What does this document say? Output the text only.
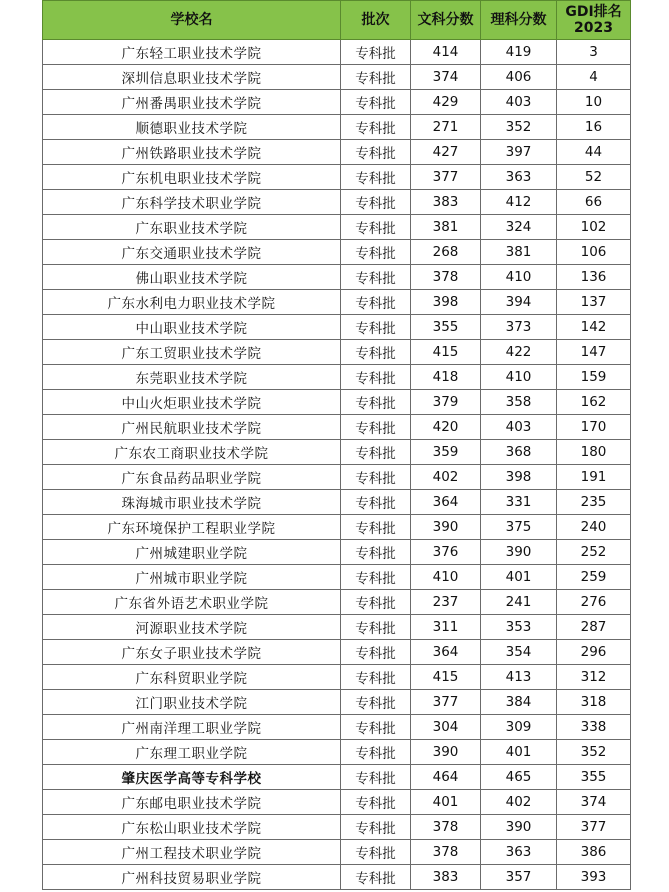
学校名	批次	文科分数	理科分数	GDI排名
2023

广东轻工职业技术学院	专科批	414	419	3
深圳信息职业技术学院	专科批	374	406	4
广州番禺职业技术学院	专科批	429	403	10
顺德职业技术学院	专科批	271	352	16
广州铁路职业技术学院	专科批	427	397	44
广东机电职业技术学院	专科批	377	363	52
广东科学技术职业学院	专科批	383	412	66
广东职业技术学院	专科批	381	324	102
广东交通职业技术学院	专科批	268	381	106
佛山职业技术学院	专科批	378	410	136
广东水利电力职业技术学院	专科批	398	394	137
中山职业技术学院	专科批	355	373	142
广东工贸职业技术学院	专科批	415	422	147
东莞职业技术学院	专科批	418	410	159
中山火炬职业技术学院	专科批	379	358	162
广州民航职业技术学院	专科批	420	403	170
广东农工商职业技术学院	专科批	359	368	180
广东食品药品职业学院	专科批	402	398	191
珠海城市职业技术学院	专科批	364	331	235
广东环境保护工程职业学院	专科批	390	375	240
广州城建职业学院	专科批	376	390	252
广州城市职业学院	专科批	410	401	259
广东省外语艺术职业学院	专科批	237	241	276
河源职业技术学院	专科批	311	353	287
广东女子职业技术学院	专科批	364	354	296
广东科贸职业学院	专科批	415	413	312
江门职业技术学院	专科批	377	384	318
广州南洋理工职业学院	专科批	304	309	338
广东理工职业学院	专科批	390	401	352
肇庆医学高等专科学校	专科批	464	465	355
广东邮电职业技术学院	专科批	401	402	374
广东松山职业技术学院	专科批	378	390	377
广州工程技术职业学院	专科批	378	363	386
广州科技贸易职业学院	专科批	383	357	393
